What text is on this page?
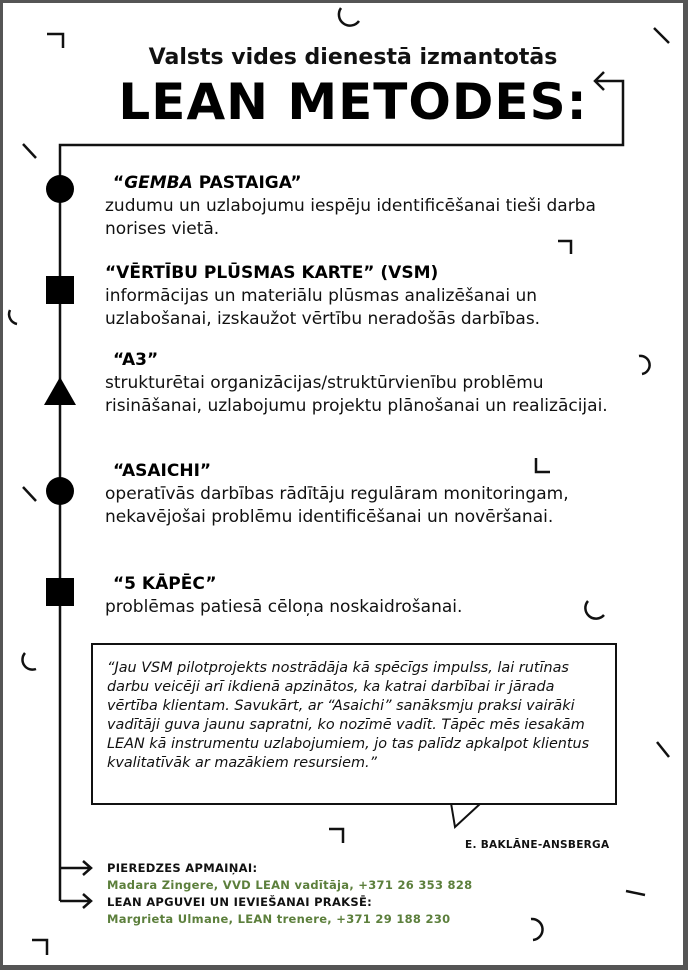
Valsts vides dienestā izmantotās
LEAN METODES:
“GEMBA PASTAIGA”
zudumu un uzlabojumu iespēju identificēšanai tieši darba norises vietā.
“VĒRTĪBU PLŪSMAS KARTE” (VSM)
informācijas un materiālu plūsmas analizēšanai un uzlabošanai, izskaužot vērtību neradošās darbības.
“A3”
strukturētai organizācijas/struktūrvienību problēmu risināšanai, uzlabojumu projektu plānošanai un realizācijai.
“ASAICHI”
operatīvās darbības rādītāju regulāram monitoringam, nekavējošai problēmu identificēšanai un novēršanai.
“5 KĀPĒC”
problēmas patiesā cēloņa noskaidrošanai.
“Jau VSM pilotprojekts nostrādāja kā spēcīgs impulss, lai rutīnas darbu veicēji arī ikdienā apzinātos, ka katrai darbībai ir jārada vērtība klientam. Savukārt, ar “Asaichi” sanāksmju praksi vairāki vadītāji guva jaunu sapratni, ko nozīmē vadīt. Tāpēc mēs iesakām LEAN kā instrumentu uzlabojumiem, jo tas palīdz apkalpot klientus kvalitatīvāk ar mazākiem resursiem.”
E. BAKLĀNE-ANSBERGA
PIEREDZES APMAIŅAI:
Madara Zingere, VVD LEAN vadītāja, +371 26 353 828
LEAN APGUVEI UN IEVIEŠANAI PRAKSĒ:
Margrieta Ulmane, LEAN trenere, +371 29 188 230
